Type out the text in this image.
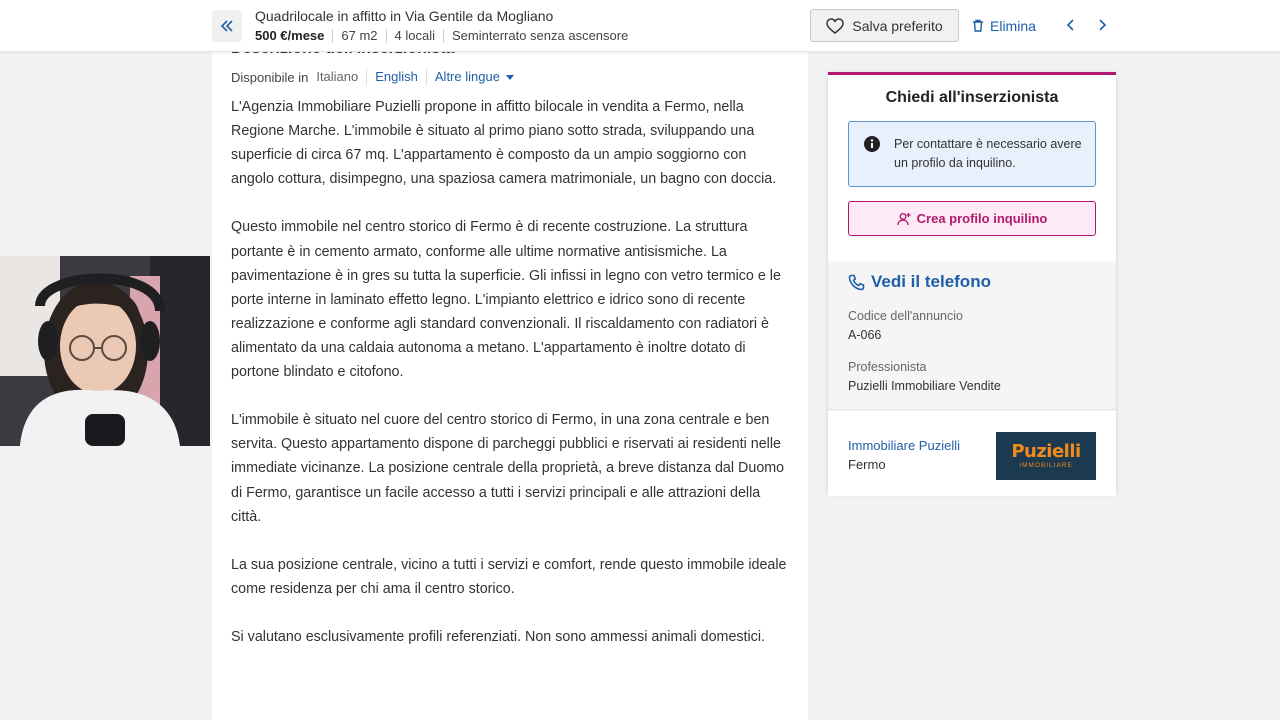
Quadrilocale in affitto in Via Gentile da Mogliano
500 €/mese	67 m2	4 locali	Seminterrato senza ascensore
Salva preferito	Elimina
Disponibile in Italiano	English	Altre lingue

L'Agenzia Immobiliare Puzielli propone in affitto bilocale in vendita a Fermo, nella Regione Marche. L'immobile è situato al primo piano sotto strada, sviluppando una superficie di circa 67 mq. L'appartamento è composto da un ampio soggiorno con angolo cottura, disimpegno, una spaziosa camera matrimoniale, un bagno con doccia.

Questo immobile nel centro storico di Fermo è di recente costruzione. La struttura portante è in cemento armato, conforme alle ultime normative antisismiche. La pavimentazione è in gres su tutta la superficie. Gli infissi in legno con vetro termico e le porte interne in laminato effetto legno. L'impianto elettrico e idrico sono di recente realizzazione e conforme agli standard convenzionali. Il riscaldamento con radiatori è alimentato da una caldaia autonoma a metano. L'appartamento è inoltre dotato di portone blindato e citofono.

L'immobile è situato nel cuore del centro storico di Fermo, in una zona centrale e ben servita. Questo appartamento dispone di parcheggi pubblici e riservati ai residenti nelle immediate vicinanze. La posizione centrale della proprietà, a breve distanza dal Duomo di Fermo, garantisce un facile accesso a tutti i servizi principali e alle attrazioni della città.

La sua posizione centrale, vicino a tutti i servizi e comfort, rende questo immobile ideale come residenza per chi ama il centro storico.

Si valutano esclusivamente profili referenziati. Non sono ammessi animali domestici.

Chiedi all'inserzionista
Per contattare è necessario avere un profilo da inquilino.
Crea profilo inquilino
Vedi il telefono
Codice dell'annuncio
A-066
Professionista
Puzielli Immobiliare Vendite
Immobiliare Puzielli
Fermo
Puzielli
IMMOBILIARE
